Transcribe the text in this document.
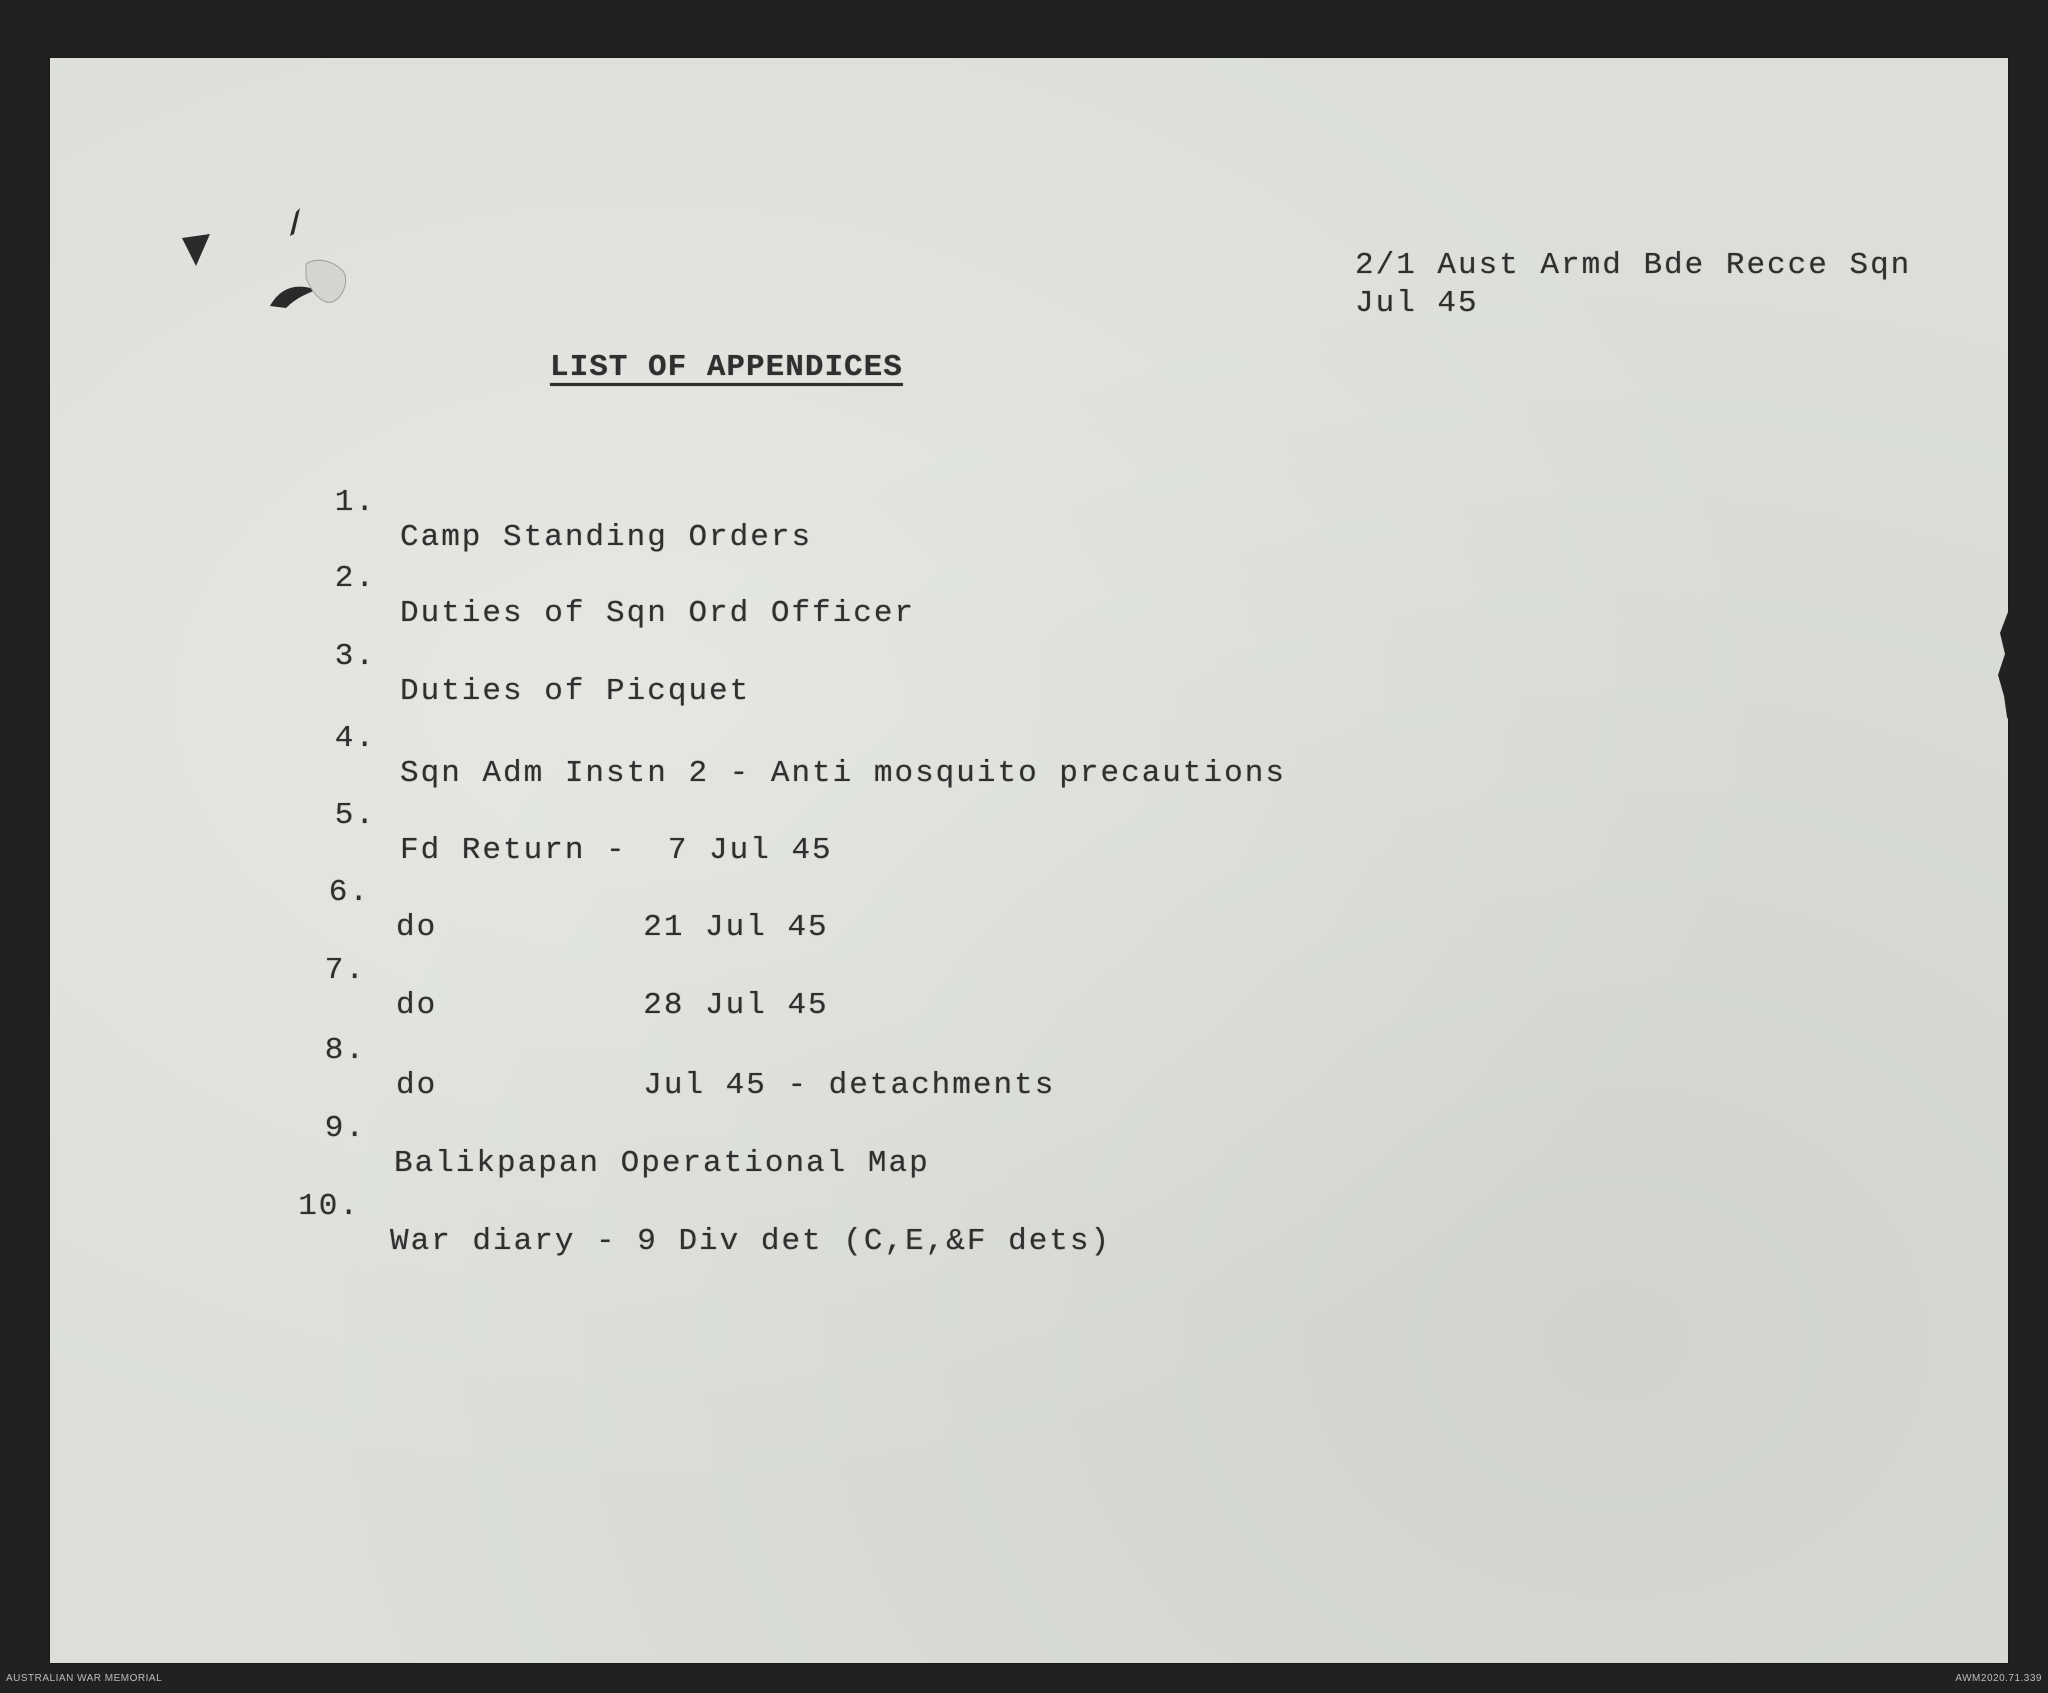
2/1 Aust Armd Bde Recce Sqn
Jul 45
LIST OF APPENDICES

1.

Camp Standing Orders

2.

Duties of Sqn Ord Officer

3.

Duties of Picquet

4.

Sqn Adm Instn 2 - Anti mosquito precautions

5.

Fd Return -  7 Jul 45

6.

do          21 Jul 45

7.

do          28 Jul 45

8.

do          Jul 45 - detachments

9.

Balikpapan Operational Map

10.

War diary - 9 Div det (C,E,&F dets)

AUSTRALIAN WAR MEMORIAL	AWM2020.71.339
